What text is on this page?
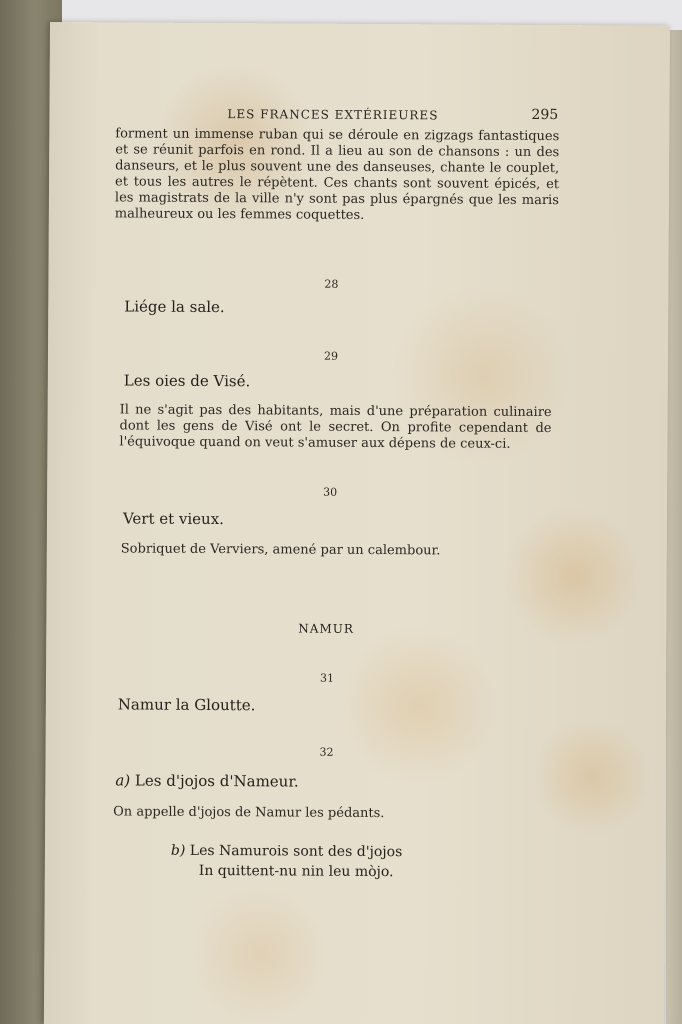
LES FRANCES EXTÉRIEURES	295

forment un immense ruban qui se déroule en zigzags fantastiques et se réunit parfois en rond. Il a lieu au son de chansons : un des danseurs, et le plus souvent une des danseuses, chante le couplet, et tous les autres le répètent. Ces chants sont souvent épicés, et les magistrats de la ville n'y sont pas plus épargnés que les maris malheureux ou les femmes coquettes.

28
Liége la sale.
29
Les oies de Visé.

Il ne s'agit pas des habitants, mais d'une préparation culinaire dont les gens de Visé ont le secret. On profite cependant de l'équivoque quand on veut s'amuser aux dépens de ceux-ci.

30
Vert et vieux.

Sobriquet de Verviers, amené par un calembour.

NAMUR
31
Namur la Gloutte.
32
a) Les d'jojos d'Nameur.

On appelle d'jojos de Namur les pédants.

b) Les Namurois sont des d'jojos
In quittent-nu nin leu mòjo.
